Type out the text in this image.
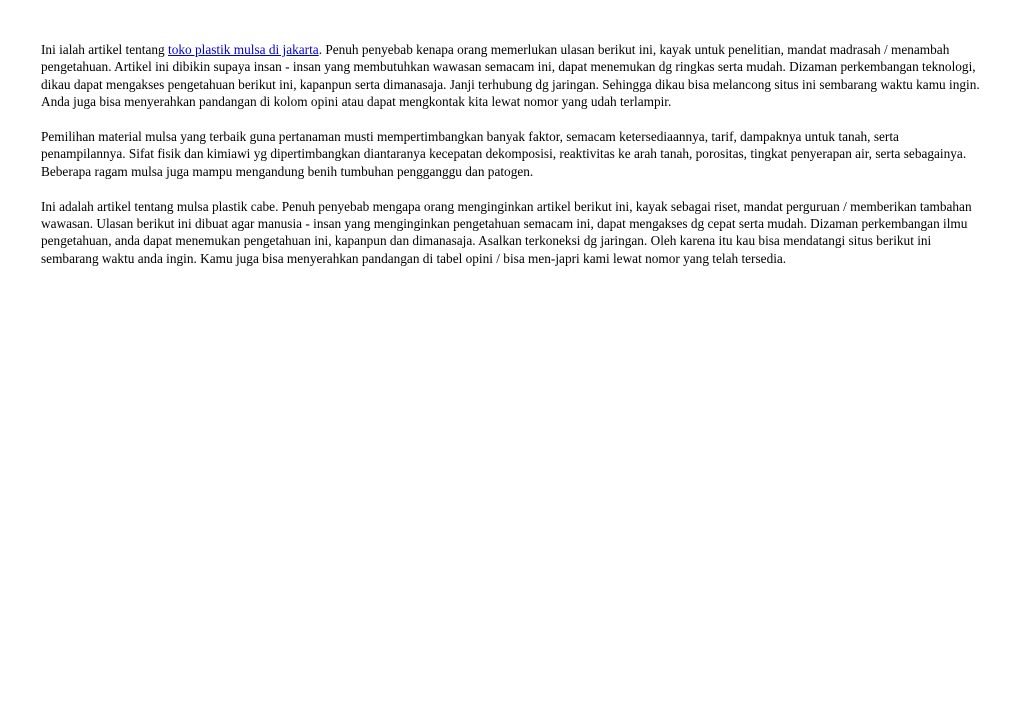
Ini ialah artikel tentang toko plastik mulsa di jakarta. Penuh penyebab kenapa orang memerlukan ulasan berikut ini, kayak untuk penelitian, mandat madrasah / menambah pengetahuan. Artikel ini dibikin supaya insan - insan yang membutuhkan wawasan semacam ini, dapat menemukan dg ringkas serta mudah. Dizaman perkembangan teknologi, dikau dapat mengakses pengetahuan berikut ini, kapanpun serta dimanasaja. Janji terhubung dg jaringan. Sehingga dikau bisa melancong situs ini sembarang waktu kamu ingin. Anda juga bisa menyerahkan pandangan di kolom opini atau dapat mengkontak kita lewat nomor yang udah terlampir.

Pemilihan material mulsa yang terbaik guna pertanaman musti mempertimbangkan banyak faktor, semacam ketersediaannya, tarif, dampaknya untuk tanah, serta penampilannya. Sifat fisik dan kimiawi yg dipertimbangkan diantaranya kecepatan dekomposisi, reaktivitas ke arah tanah, porositas, tingkat penyerapan air, serta sebagainya. Beberapa ragam mulsa juga mampu mengandung benih tumbuhan pengganggu dan patogen.

Ini adalah artikel tentang mulsa plastik cabe. Penuh penyebab mengapa orang menginginkan artikel berikut ini, kayak sebagai riset, mandat perguruan / memberikan tambahan wawasan. Ulasan berikut ini dibuat agar manusia - insan yang menginginkan pengetahuan semacam ini, dapat mengakses dg cepat serta mudah. Dizaman perkembangan ilmu pengetahuan, anda dapat menemukan pengetahuan ini, kapanpun dan dimanasaja. Asalkan terkoneksi dg jaringan. Oleh karena itu kau bisa mendatangi situs berikut ini sembarang waktu anda ingin. Kamu juga bisa menyerahkan pandangan di tabel opini / bisa men-japri kami lewat nomor yang telah tersedia.
